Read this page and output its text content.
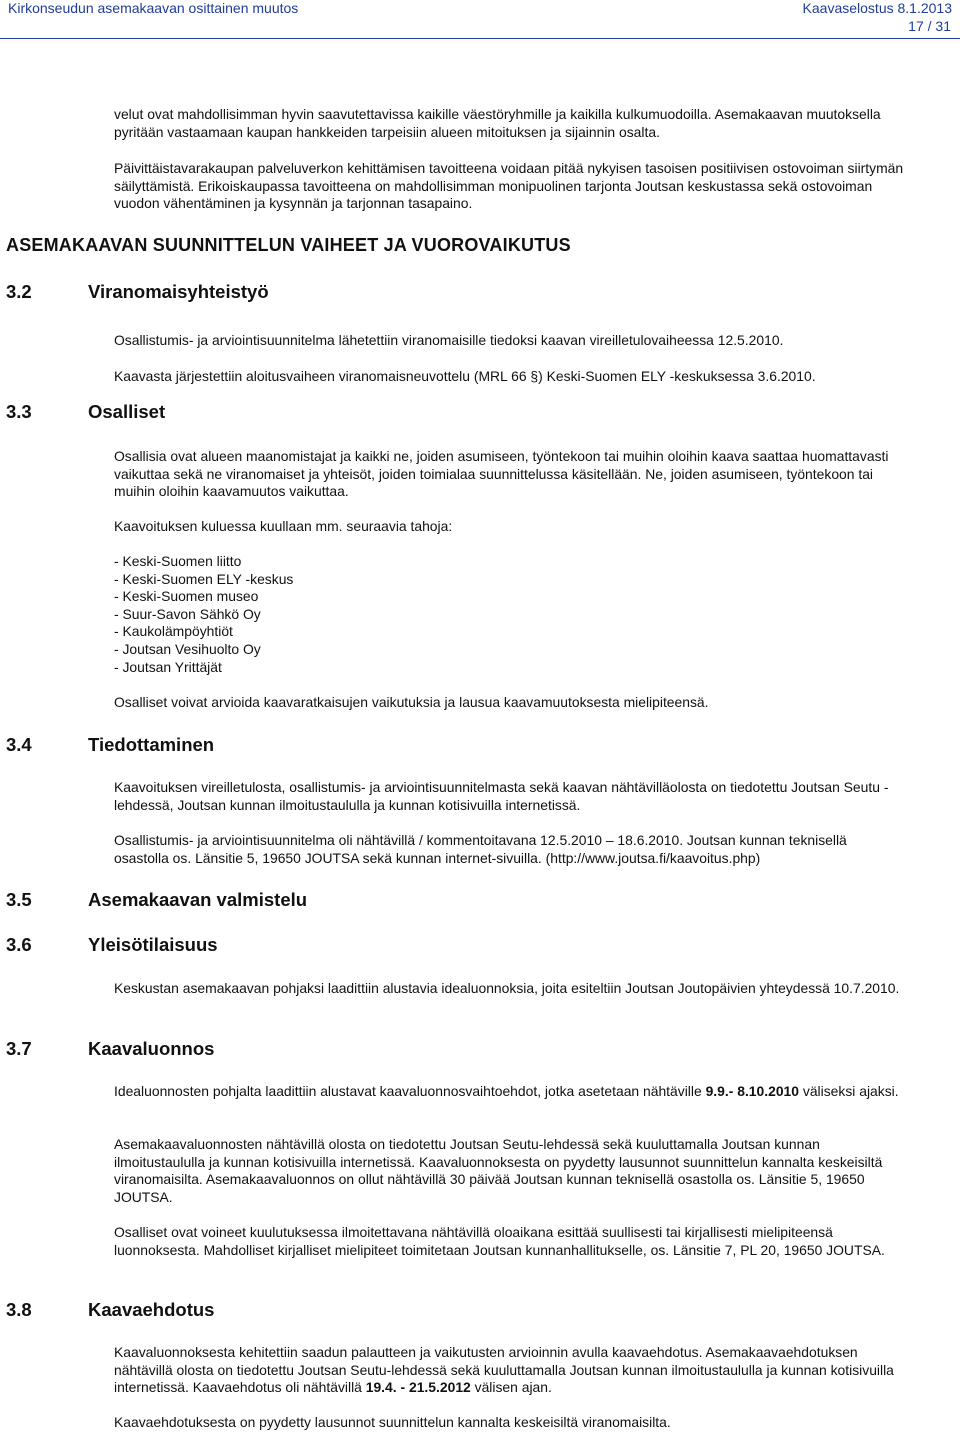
Kirkonseudun asemakaavan osittainen muutos	Kaavaselostus 8.1.2013
17 / 31

velut ovat mahdollisimman hyvin saavutettavissa kaikille väestöryhmille ja kaikilla kulkumuodoilla. Asemakaavan muutoksella pyritään vastaamaan kaupan hankkeiden tarpeisiin alueen mitoituksen ja sijainnin osalta.

Päivittäistavarakaupan palveluverkon kehittämisen tavoitteena voidaan pitää nykyisen tasoisen positiivisen ostovoiman siirtymän säilyttämistä. Erikoiskaupassa tavoitteena on mahdollisimman monipuolinen tarjonta Joutsan keskustassa sekä ostovoiman vuodon vähentäminen ja kysynnän ja tarjonnan tasapaino.

ASEMAKAAVAN SUUNNITTELUN VAIHEET JA VUOROVAIKUTUS
3.2	Viranomaisyhteistyö

Osallistumis- ja arviointisuunnitelma lähetettiin viranomaisille tiedoksi kaavan vireilletulovaiheessa 12.5.2010.

Kaavasta järjestettiin aloitusvaiheen viranomaisneuvottelu (MRL 66 §) Keski-Suomen ELY -keskuksessa 3.6.2010.

3.3	Osalliset

Osallisia ovat alueen maanomistajat ja kaikki ne, joiden asumiseen, työntekoon tai muihin oloihin kaava saattaa huomattavasti vaikuttaa sekä ne viranomaiset ja yhteisöt, joiden toimialaa suunnittelussa käsitellään. Ne, joiden asumiseen, työntekoon tai muihin oloihin kaavamuutos vaikuttaa.

Kaavoituksen kuluessa kuullaan mm. seuraavia tahoja:

- Keski-Suomen liitto
- Keski-Suomen ELY -keskus
- Keski-Suomen museo
- Suur-Savon Sähkö Oy
- Kaukolämpöyhtiöt
- Joutsan Vesihuolto Oy
- Joutsan Yrittäjät

Osalliset voivat arvioida kaavaratkaisujen vaikutuksia ja lausua kaavamuutoksesta mielipiteensä.

3.4	Tiedottaminen

Kaavoituksen vireilletulosta, osallistumis- ja arviointisuunnitelmasta sekä kaavan nähtävilläolosta on tiedotettu Joutsan Seutu -lehdessä, Joutsan kunnan ilmoitustaululla ja kunnan kotisivuilla internetissä.

Osallistumis- ja arviointisuunnitelma oli nähtävillä / kommentoitavana 12.5.2010 – 18.6.2010. Joutsan kunnan teknisellä osastolla os. Länsitie 5, 19650 JOUTSA sekä kunnan internet-sivuilla. (http://www.joutsa.fi/kaavoitus.php)

3.5	Asemakaavan valmistelu
3.6	Yleisötilaisuus

Keskustan asemakaavan pohjaksi laadittiin alustavia idealuonnoksia, joita esiteltiin Joutsan Joutopäivien yhteydessä 10.7.2010.

3.7	Kaavaluonnos

Idealuonnosten pohjalta laadittiin alustavat kaavaluonnosvaihtoehdot, jotka asetetaan nähtäville 9.9.- 8.10.2010 väliseksi ajaksi.

Asemakaavaluonnosten nähtävillä olosta on tiedotettu Joutsan Seutu-lehdessä sekä kuuluttamalla Joutsan kunnan ilmoitustaululla ja kunnan kotisivuilla internetissä. Kaavaluonnoksesta on pyydetty lausunnot suunnittelun kannalta keskeisiltä viranomaisilta. Asemakaavaluonnos on ollut nähtävillä 30 päivää Joutsan kunnan teknisellä osastolla os. Länsitie 5, 19650 JOUTSA.

Osalliset ovat voineet kuulutuksessa ilmoitettavana nähtävillä oloaikana esittää suullisesti tai kirjallisesti mielipiteensä luonnoksesta. Mahdolliset kirjalliset mielipiteet toimitetaan Joutsan kunnanhallitukselle, os. Länsitie 7, PL 20, 19650 JOUTSA.

3.8	Kaavaehdotus

Kaavaluonnoksesta kehitettiin saadun palautteen ja vaikutusten arvioinnin avulla kaavaehdotus. Asemakaavaehdotuksen nähtävillä olosta on tiedotettu Joutsan Seutu-lehdessä sekä kuuluttamalla Joutsan kunnan ilmoitustaululla ja kunnan kotisivuilla internetissä. Kaavaehdotus oli nähtävillä 19.4. - 21.5.2012 välisen ajan.

Kaavaehdotuksesta on pyydetty lausunnot suunnittelun kannalta keskeisiltä viranomaisilta.
